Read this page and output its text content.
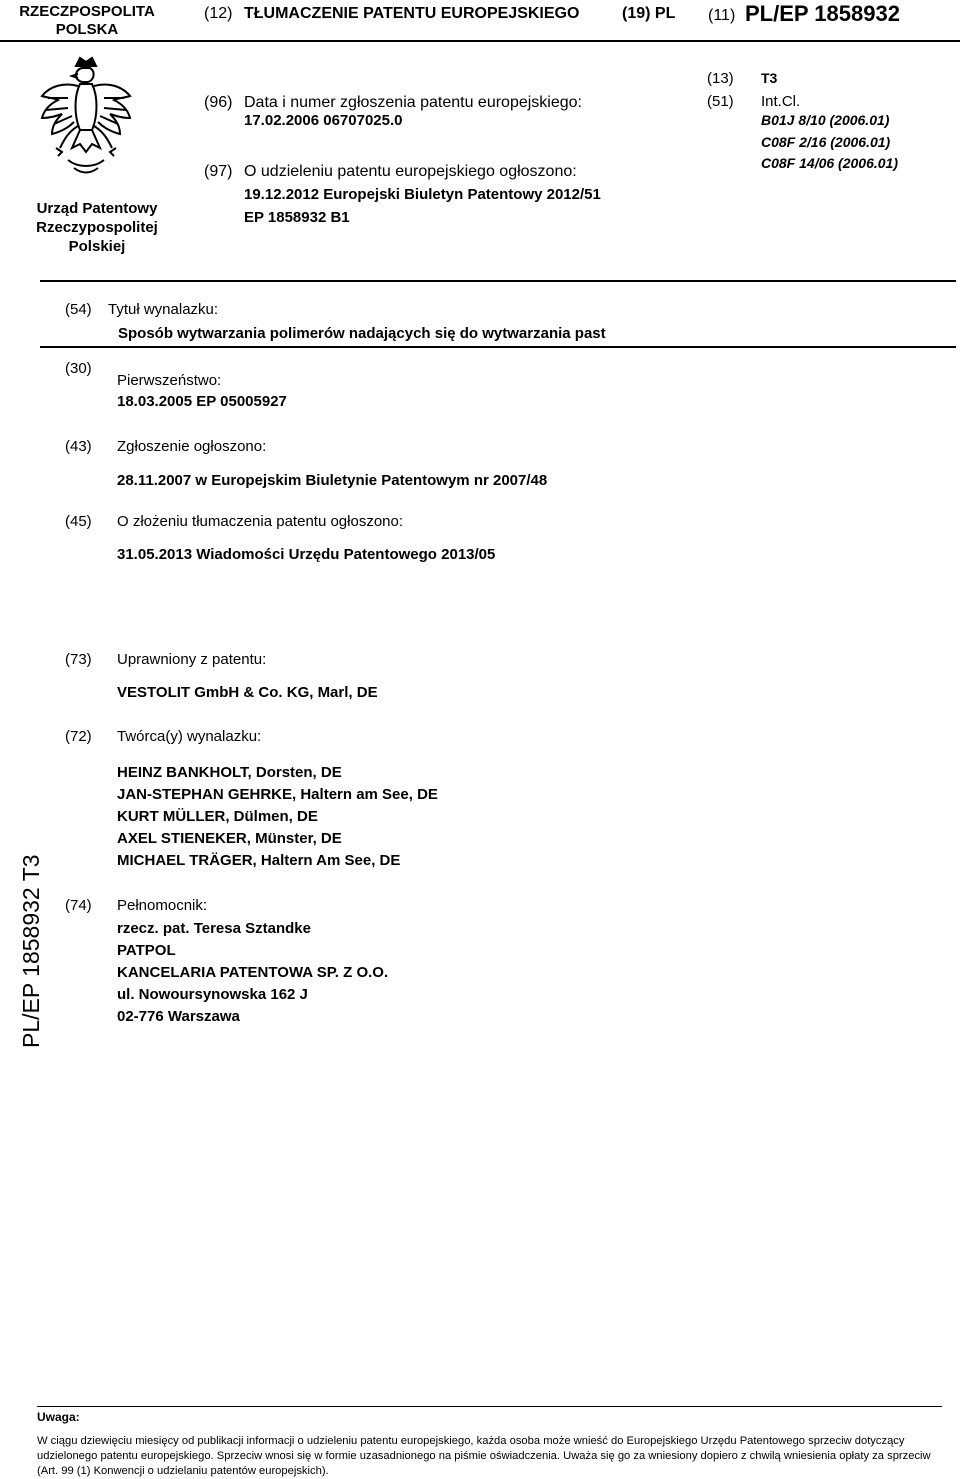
RZECZPOSPOLITA
POLSKA
(12) TŁUMACZENIE PATENTU EUROPEJSKIEGO	(19) PL (11) PL/EP 1858932
Urząd Patentowy
Rzeczypospolitej
Polskiej
(96) Data i numer zgłoszenia patentu europejskiego:
17.02.2006 06707025.0
(97) O udzieleniu patentu europejskiego ogłoszono:
19.12.2012 Europejski Biuletyn Patentowy 2012/51
EP 1858932 B1
(13) T3
(51) Int.Cl.
B01J 8/10 (2006.01)
C08F 2/16 (2006.01)
C08F 14/06 (2006.01)
(54) Tytuł wynalazku:
Sposób wytwarzania polimerów nadających się do wytwarzania past
(30)
Pierwszeństwo:
18.03.2005 EP 05005927
(43) Zgłoszenie ogłoszono:
28.11.2007 w Europejskim Biuletynie Patentowym nr 2007/48
(45) O złożeniu tłumaczenia patentu ogłoszono:
31.05.2013 Wiadomości Urzędu Patentowego 2013/05
(73) Uprawniony z patentu:
VESTOLIT GmbH & Co. KG, Marl, DE
(72) Twórca(y) wynalazku:
HEINZ BANKHOLT, Dorsten, DE
JAN-STEPHAN GEHRKE, Haltern am See, DE
KURT MÜLLER, Dülmen, DE
AXEL STIENEKER, Münster, DE
MICHAEL TRÄGER, Haltern Am See, DE
(74) Pełnomocnik:
rzecz. pat. Teresa Sztandke
PATPOL
KANCELARIA PATENTOWA SP. Z O.O.
ul. Nowoursynowska 162 J
02-776 Warszawa
PL/EP 1858932 T3
Uwaga:
W ciągu dziewięciu miesięcy od publikacji informacji o udzieleniu patentu europejskiego, każda osoba może wnieść do Europejskiego Urzędu Patentowego sprzeciw dotyczący udzielonego patentu europejskiego. Sprzeciw wnosi się w formie uzasadnionego na piśmie oświadczenia. Uważa się go za wniesiony dopiero z chwilą wniesienia opłaty za sprzeciw (Art. 99 (1) Konwencji o udzielaniu patentów europejskich).
